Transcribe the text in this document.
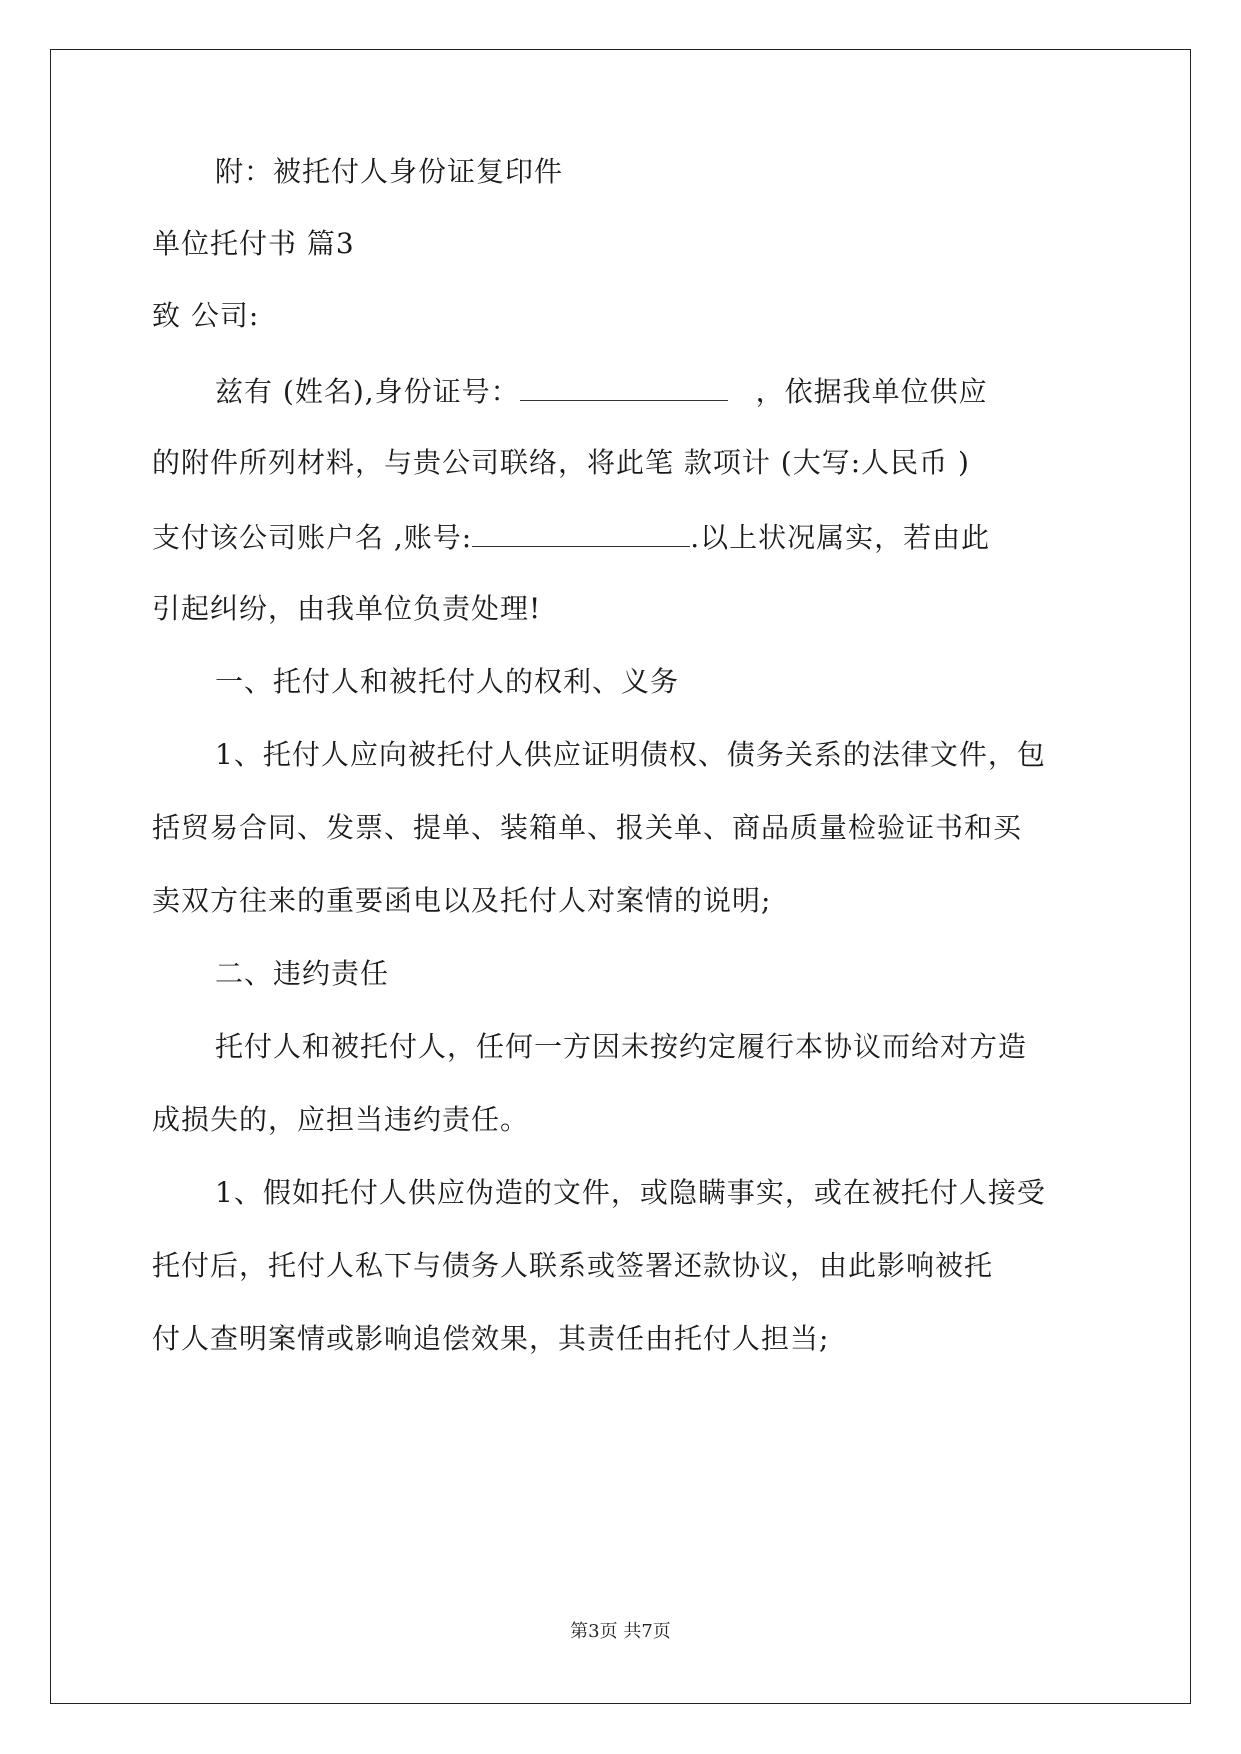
附：被托付人身份证复印件
单位托付书 篇3
致 公司:
兹有 (姓名),身份证号：	，依据我单位供应
的附件所列材料，与贵公司联络，将此笔 款项计 (大写:人民币 )
支付该公司账户名 ,账号:	.以上状况属实，若由此
引起纠纷，由我单位负责处理!
一、托付人和被托付人的权利、义务
1、托付人应向被托付人供应证明债权、债务关系的法律文件，包
括贸易合同、发票、提单、装箱单、报关单、商品质量检验证书和买
卖双方往来的重要函电以及托付人对案情的说明;
二、违约责任
托付人和被托付人，任何一方因未按约定履行本协议而给对方造
成损失的，应担当违约责任。
1、假如托付人供应伪造的文件，或隐瞒事实，或在被托付人接受
托付后，托付人私下与债务人联系或签署还款协议，由此影响被托
付人查明案情或影响追偿效果，其责任由托付人担当;
第3页 共7页
